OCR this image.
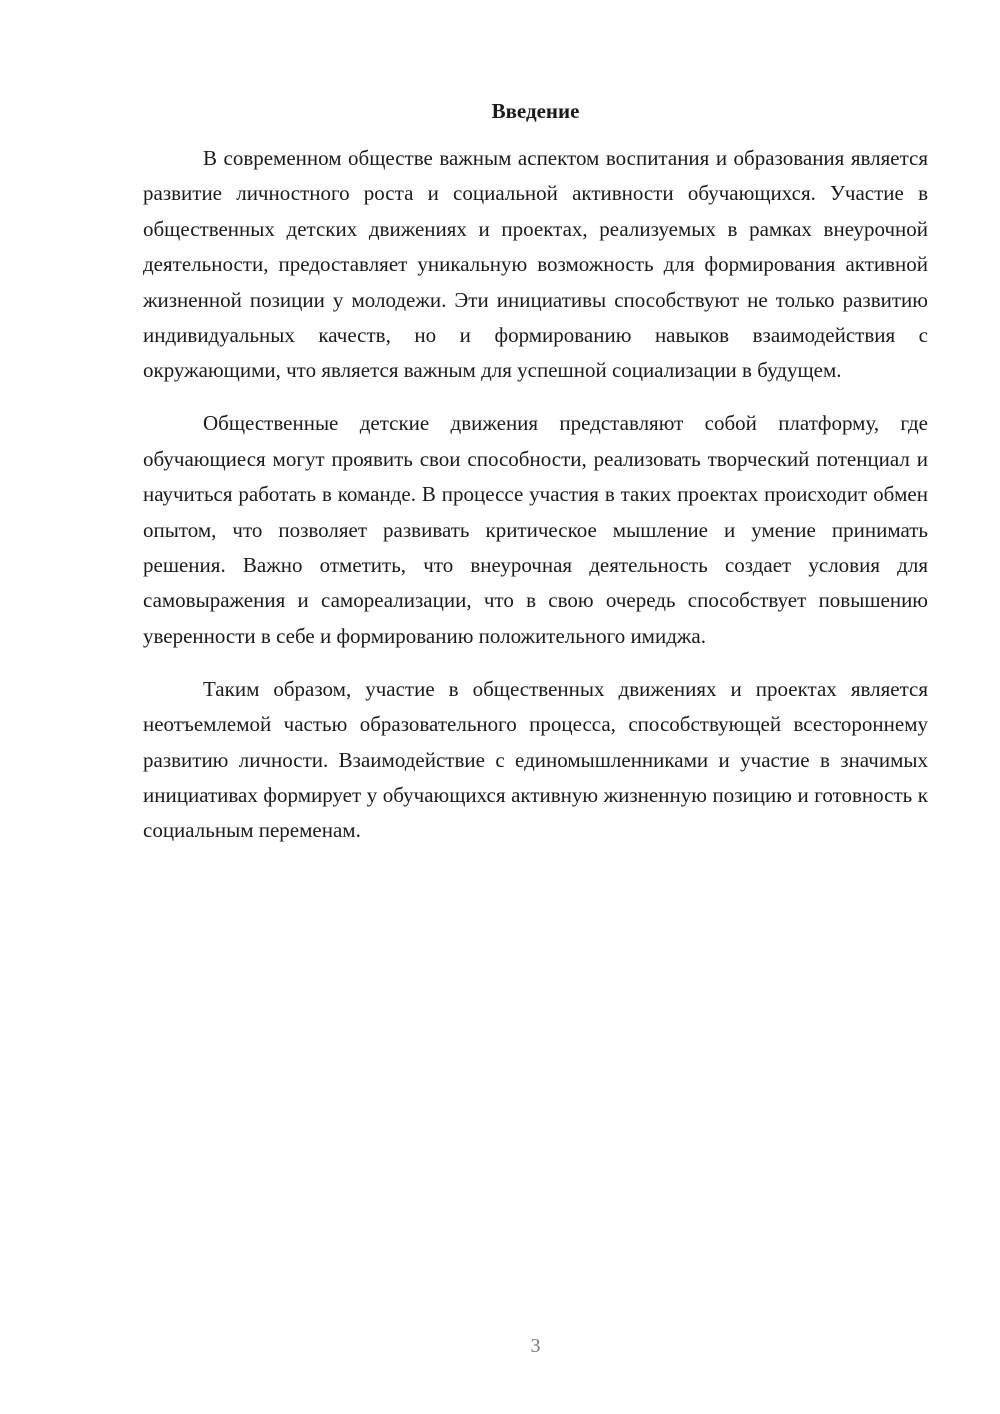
Введение

В современном обществе важным аспектом воспитания и образования является развитие личностного роста и социальной активности обучающихся. Участие в общественных детских движениях и проектах, реализуемых в рамках внеурочной деятельности, предоставляет уникальную возможность для формирования активной жизненной позиции у молодежи. Эти инициативы способствуют не только развитию индивидуальных качеств, но и формированию навыков взаимодействия с окружающими, что является важным для успешной социализации в будущем.

Общественные детские движения представляют собой платформу, где обучающиеся могут проявить свои способности, реализовать творческий потенциал и научиться работать в команде. В процессе участия в таких проектах происходит обмен опытом, что позволяет развивать критическое мышление и умение принимать решения. Важно отметить, что внеурочная деятельность создает условия для самовыражения и самореализации, что в свою очередь способствует повышению уверенности в себе и формированию положительного имиджа.

Таким образом, участие в общественных движениях и проектах является неотъемлемой частью образовательного процесса, способствующей всестороннему развитию личности. Взаимодействие с единомышленниками и участие в значимых инициативах формирует у обучающихся активную жизненную позицию и готовность к социальным переменам.

3
